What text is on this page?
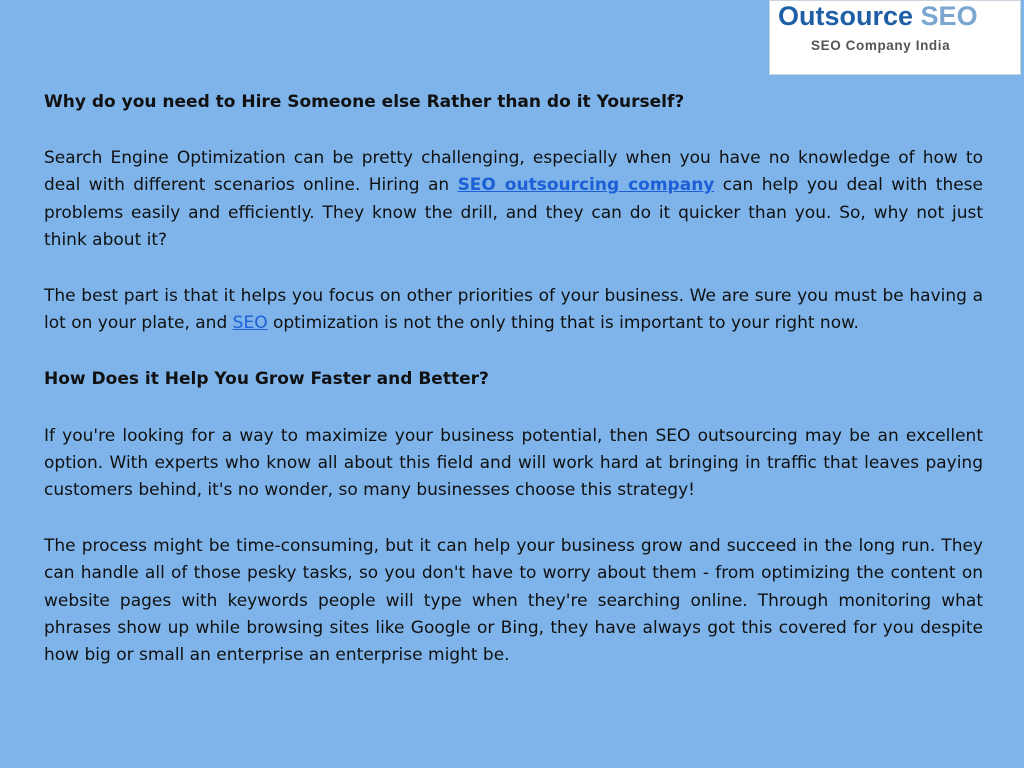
Outsource SEO
SEO Company India
Why do you need to Hire Someone else Rather than do it Yourself?

Search Engine Optimization can be pretty challenging, especially when you have no knowledge of how to deal with different scenarios online. Hiring an SEO outsourcing company can help you deal with these problems easily and efficiently. They know the drill, and they can do it quicker than you. So, why not just think about it?

The best part is that it helps you focus on other priorities of your business. We are sure you must be having a lot on your plate, and SEO optimization is not the only thing that is important to your right now.

How Does it Help You Grow Faster and Better?

If you're looking for a way to maximize your business potential, then SEO outsourcing may be an excellent option. With experts who know all about this field and will work hard at bringing in traffic that leaves paying customers behind, it's no wonder, so many businesses choose this strategy!

The process might be time-consuming, but it can help your business grow and succeed in the long run. They can handle all of those pesky tasks, so you don't have to worry about them - from optimizing the content on website pages with keywords people will type when they're searching online. Through monitoring what phrases show up while browsing sites like Google or Bing, they have always got this covered for you despite how big or small an enterprise an enterprise might be.
